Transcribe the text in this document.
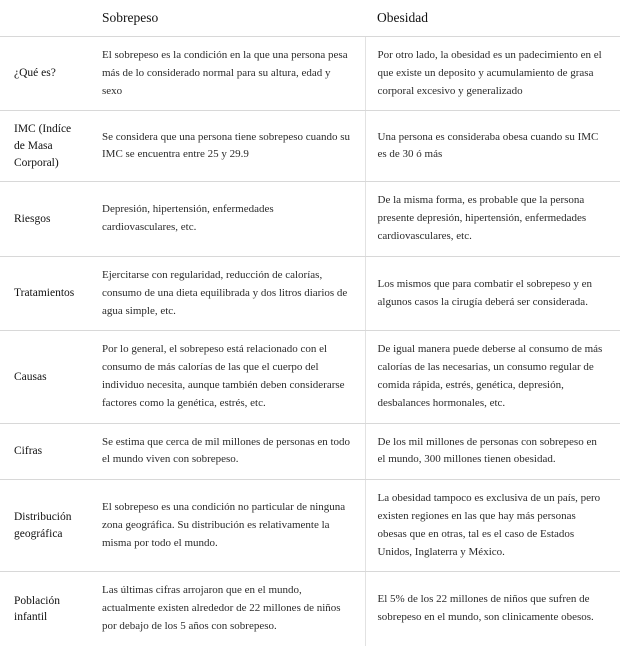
	Sobrepeso	Obesidad
¿Qué es?	El sobrepeso es la condición en la que una persona pesa más de lo considerado normal para su altura, edad y sexo	Por otro lado, la obesidad es un padecimiento en el que existe un deposito y acumulamiento de grasa corporal excesivo y generalizado
IMC (Indíce de Masa Corporal)	Se considera que una persona tiene sobrepeso cuando su IMC se encuentra entre 25 y 29.9	Una persona es consideraba obesa cuando su IMC es de 30 ó más
Riesgos	Depresión, hipertensión, enfermedades cardiovasculares, etc.	De la misma forma, es probable que la persona presente depresión, hipertensión, enfermedades cardiovasculares, etc.
Tratamientos	Ejercitarse con regularidad, reducción de calorías, consumo de una dieta equilibrada y dos litros diarios de agua simple, etc.	Los mismos que para combatir el sobrepeso y en algunos casos la cirugía deberá ser considerada.
Causas	Por lo general, el sobrepeso está relacionado con el consumo de más calorías de las que el cuerpo del individuo necesita, aunque también deben considerarse factores como la genética, estrés, etc.	De igual manera puede deberse al consumo de más calorías de las necesarias, un consumo regular de comida rápida, estrés, genética, depresión, desbalances hormonales, etc.
Cifras	Se estima que cerca de mil millones de personas en todo el mundo viven con sobrepeso.	De los mil millones de personas con sobrepeso en el mundo, 300 millones tienen obesidad.
Distribución geográfica	El sobrepeso es una condición no particular de ninguna zona geográfica. Su distribución es relativamente la misma por todo el mundo.	La obesidad tampoco es exclusiva de un país, pero existen regiones en las que hay más personas obesas que en otras, tal es el caso de Estados Unidos, Inglaterra y México.
Población infantil	Las últimas cifras arrojaron que en el mundo, actualmente existen alrededor de 22 millones de niños por debajo de los 5 años con sobrepeso.	El 5% de los 22 millones de niños que sufren de sobrepeso en el mundo, son clinicamente obesos.
